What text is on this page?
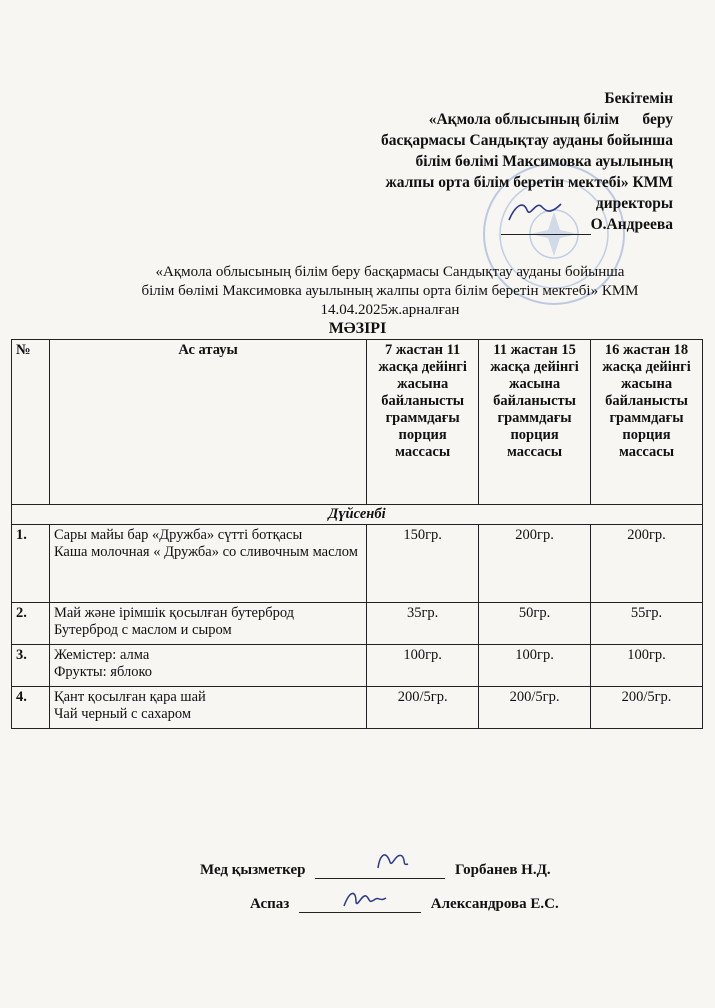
Бекітемін
«Ақмола облысының білім      беру
басқармасы Сандықтау ауданы бойынша
білім бөлімі Максимовка ауылының
жалпы орта білім беретін мектебі» КММ
директоры
О.Андреева
«Ақмола облысының білім беру басқармасы Сандықтау ауданы бойынша
білім бөлімі Максимовка ауылының жалпы орта білім беретін мектебі» КММ
14.04.2025ж.арналған
МӘЗІРІ
№	Ас атауы	7 жастан 11 жасқа дейінгі жасына байланысты граммдағы порция массасы	11 жастан 15 жасқа дейінгі жасына байланысты граммдағы порция массасы	16 жастан 18 жасқа дейінгі жасына байланысты граммдағы порция массасы
Дүйсенбі				
1.	Сары майы бар «Дружба» сүтті ботқасы
Каша молочная « Дружба» со сливочным маслом	150гр.	200гр.	200гр.
2.	Май және ірімшік қосылған бутерброд
Бутерброд с маслом и сыром	35гр.	50гр.	55гр.
3.	Жемістер: алма
Фрукты: яблоко	100гр.	100гр.	100гр.
4.	Қант қосылған қара шай
Чай черный с сахаром	200/5гр.	200/5гр.	200/5гр.
Мед қызметкер	Горбанев Н.Д.
Аспаз	Александрова Е.С.
